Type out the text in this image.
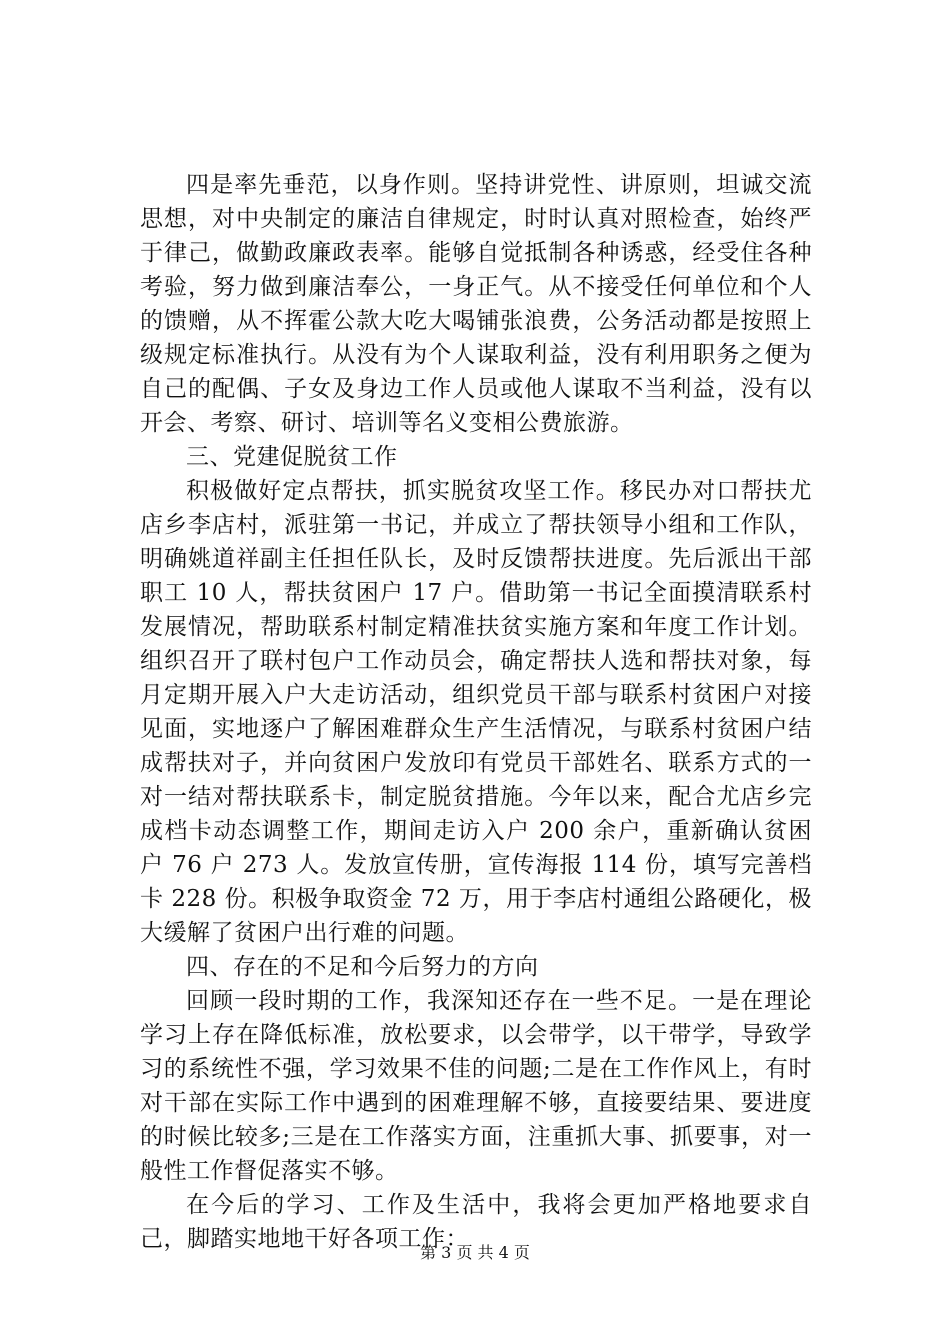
四是率先垂范，以身作则。坚持讲党性、讲原则，坦诚交流思想，对中央制定的廉洁自律规定，时时认真对照检查，始终严于律己，做勤政廉政表率。能够自觉抵制各种诱惑，经受住各种考验，努力做到廉洁奉公，一身正气。从不接受任何单位和个人的馈赠，从不挥霍公款大吃大喝铺张浪费，公务活动都是按照上级规定标准执行。从没有为个人谋取利益，没有利用职务之便为自己的配偶、子女及身边工作人员或他人谋取不当利益，没有以开会、考察、研讨、培训等名义变相公费旅游。

三、党建促脱贫工作

积极做好定点帮扶，抓实脱贫攻坚工作。移民办对口帮扶尤店乡李店村，派驻第一书记，并成立了帮扶领导小组和工作队，明确姚道祥副主任担任队长，及时反馈帮扶进度。先后派出干部职工 10 人，帮扶贫困户 17 户。借助第一书记全面摸清联系村发展情况，帮助联系村制定精准扶贫实施方案和年度工作计划。组织召开了联村包户工作动员会，确定帮扶人选和帮扶对象，每月定期开展入户大走访活动，组织党员干部与联系村贫困户对接见面，实地逐户了解困难群众生产生活情况，与联系村贫困户结成帮扶对子，并向贫困户发放印有党员干部姓名、联系方式的一对一结对帮扶联系卡，制定脱贫措施。今年以来，配合尤店乡完成档卡动态调整工作，期间走访入户 200 余户，重新确认贫困户 76 户 273 人。发放宣传册，宣传海报 114 份，填写完善档卡 228 份。积极争取资金 72 万，用于李店村通组公路硬化，极大缓解了贫困户出行难的问题。

四、存在的不足和今后努力的方向

回顾一段时期的工作，我深知还存在一些不足。一是在理论学习上存在降低标准，放松要求，以会带学，以干带学，导致学习的系统性不强，学习效果不佳的问题;二是在工作作风上，有时对干部在实际工作中遇到的困难理解不够，直接要结果、要进度的时候比较多;三是在工作落实方面，注重抓大事、抓要事，对一般性工作督促落实不够。

在今后的学习、工作及生活中，我将会更加严格地要求自己，脚踏实地地干好各项工作：

第 3 页 共 4 页
